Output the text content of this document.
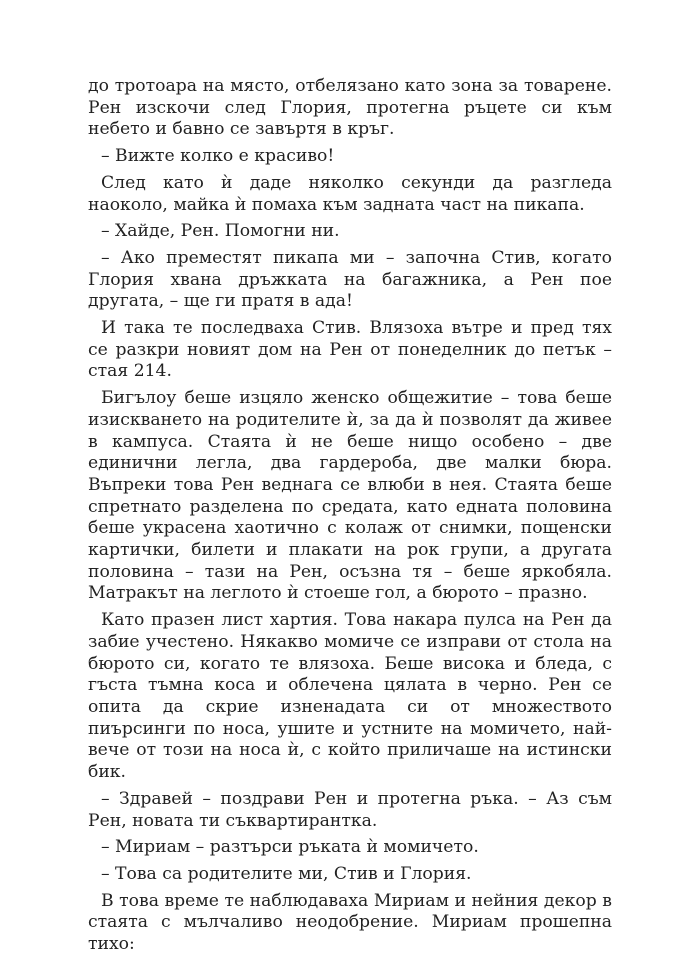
до тротоара на място, отбелязано като зона за товарене. Рен изскочи след Глория, протегна ръцете си към небето и бавно се завъртя в кръг.

– Вижте колко е красиво!

След като ѝ даде няколко секунди да разгледа наоколо, майка ѝ помаха към задната част на пикапа.

– Хайде, Рен. Помогни ни.

– Ако преместят пикапа ми – започна Стив, когато Глория хвана дръжката на багажника, а Рен пое другата, – ще ги пратя в ада!

И така те последваха Стив. Влязоха вътре и пред тях се разкри новият дом на Рен от понеделник до петък – стая 214.

Бигълоу беше изцяло женско общежитие – това беше изискването на родителите ѝ, за да ѝ позволят да живее в кампуса. Стаята ѝ не беше нищо особено – две единични легла, два гардероба, две малки бюра. Въпреки това Рен веднага се влюби в нея. Стаята беше спретнато разделена по средата, като едната половина беше украсена хаотично с колаж от снимки, пощенски картички, билети и плакати на рок групи, а другата половина – тази на Рен, осъзна тя – беше яркобяла. Матракът на леглото ѝ стоеше гол, а бюрото – празно.

Като празен лист хартия. Това накара пулса на Рен да забие учестено. Някакво момиче се изправи от стола на бюрото си, когато те влязоха. Беше висока и бледа, с гъста тъмна коса и облечена цялата в черно. Рен се опита да скрие изненадата си от множеството пиърсинги по носа, ушите и устните на момичето, най-вече от този на носа ѝ, с който приличаше на истински бик.

– Здравей – поздрави Рен и протегна ръка. – Аз съм Рен, новата ти съквартирантка.

– Мириам – разтърси ръката ѝ момичето.

– Това са родителите ми, Стив и Глория.

В това време те наблюдаваха Мириам и нейния декор в стаята с мълчаливо неодобрение. Мириам прошепна тихо:
